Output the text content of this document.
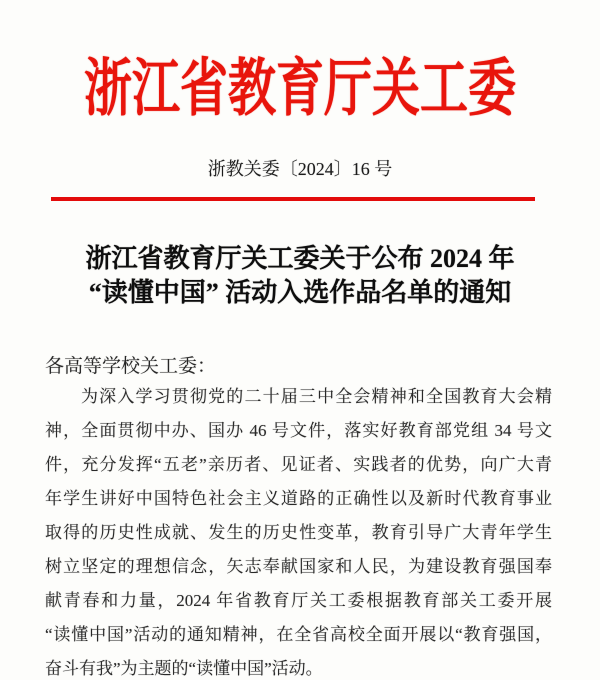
浙江省教育厅关工委
浙教关委〔2024〕16 号
浙江省教育厅关工委关于公布 2024 年
“读懂中国” 活动入选作品名单的通知
各高等学校关工委：
为深入学习贯彻党的二十届三中全会精神和全国教育大会精
神，全面贯彻中办、国办 46 号文件，落实好教育部党组 34 号文
件，充分发挥“五老”亲历者、见证者、实践者的优势，向广大青
年学生讲好中国特色社会主义道路的正确性以及新时代教育事业
取得的历史性成就、发生的历史性变革，教育引导广大青年学生
树立坚定的理想信念，矢志奉献国家和人民，为建设教育强国奉
献青春和力量，2024 年省教育厅关工委根据教育部关工委开展
“读懂中国”活动的通知精神，在全省高校全面开展以“教育强国，
奋斗有我”为主题的“读懂中国”活动。
